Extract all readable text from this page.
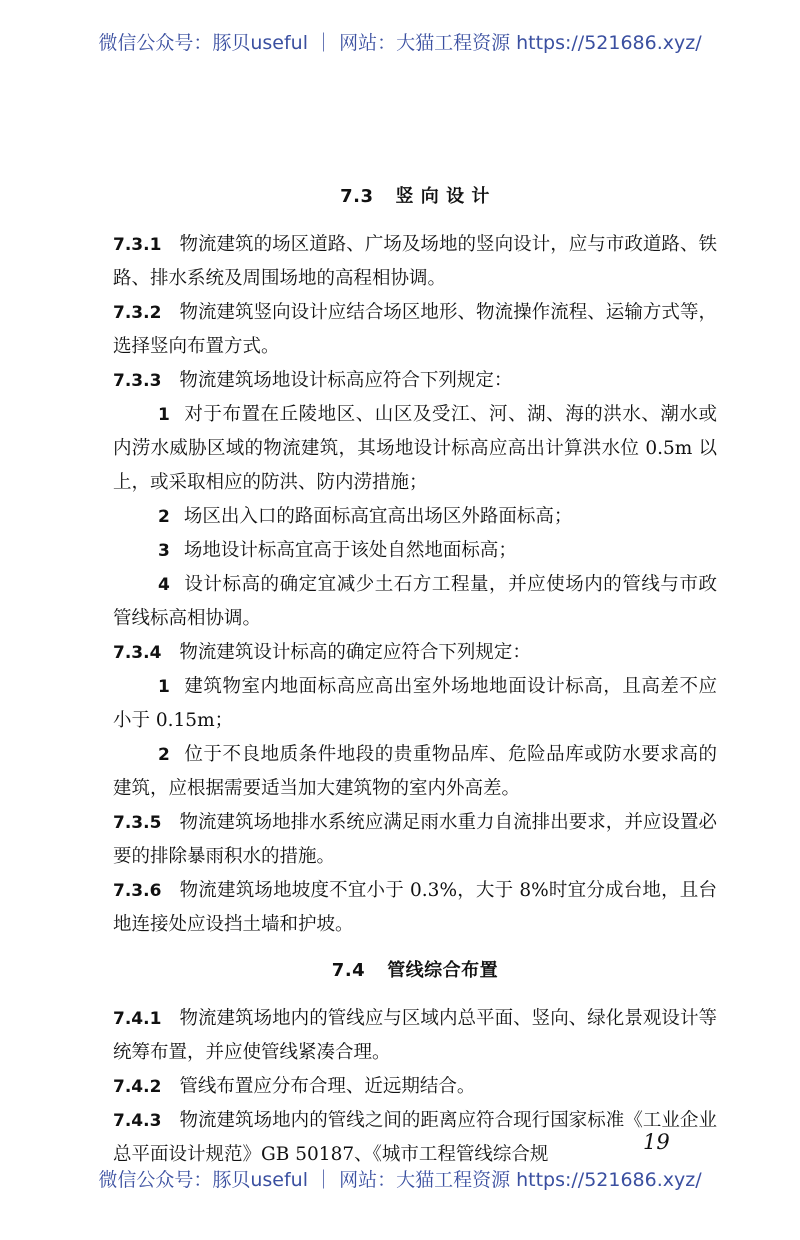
微信公众号：豚贝useful ｜ 网站：大猫工程资源 https://521686.xyz/
7.3 竖 向 设 计

7.3.1 物流建筑的场区道路、广场及场地的竖向设计，应与市政道路、铁路、排水系统及周围场地的高程相协调。

7.3.2 物流建筑竖向设计应结合场区地形、物流操作流程、运输方式等，选择竖向布置方式。

7.3.3 物流建筑场地设计标高应符合下列规定：

1 对于布置在丘陵地区、山区及受江、河、湖、海的洪水、潮水或内涝水威胁区域的物流建筑，其场地设计标高应高出计算洪水位 0.5m 以上，或采取相应的防洪、防内涝措施；

2 场区出入口的路面标高宜高出场区外路面标高；

3 场地设计标高宜高于该处自然地面标高；

4 设计标高的确定宜减少土石方工程量，并应使场内的管线与市政管线标高相协调。

7.3.4 物流建筑设计标高的确定应符合下列规定：

1 建筑物室内地面标高应高出室外场地地面设计标高，且高差不应小于 0.15m；

2 位于不良地质条件地段的贵重物品库、危险品库或防水要求高的建筑，应根据需要适当加大建筑物的室内外高差。

7.3.5 物流建筑场地排水系统应满足雨水重力自流排出要求，并应设置必要的排除暴雨积水的措施。

7.3.6 物流建筑场地坡度不宜小于 0.3%，大于 8%时宜分成台地，且台地连接处应设挡土墙和护坡。

7.4 管线综合布置

7.4.1 物流建筑场地内的管线应与区域内总平面、竖向、绿化景观设计等统筹布置，并应使管线紧凑合理。

7.4.2 管线布置应分布合理、近远期结合。

7.4.3 物流建筑场地内的管线之间的距离应符合现行国家标准《工业企业总平面设计规范》GB 50187、《城市工程管线综合规

19
微信公众号：豚贝useful ｜ 网站：大猫工程资源 https://521686.xyz/
